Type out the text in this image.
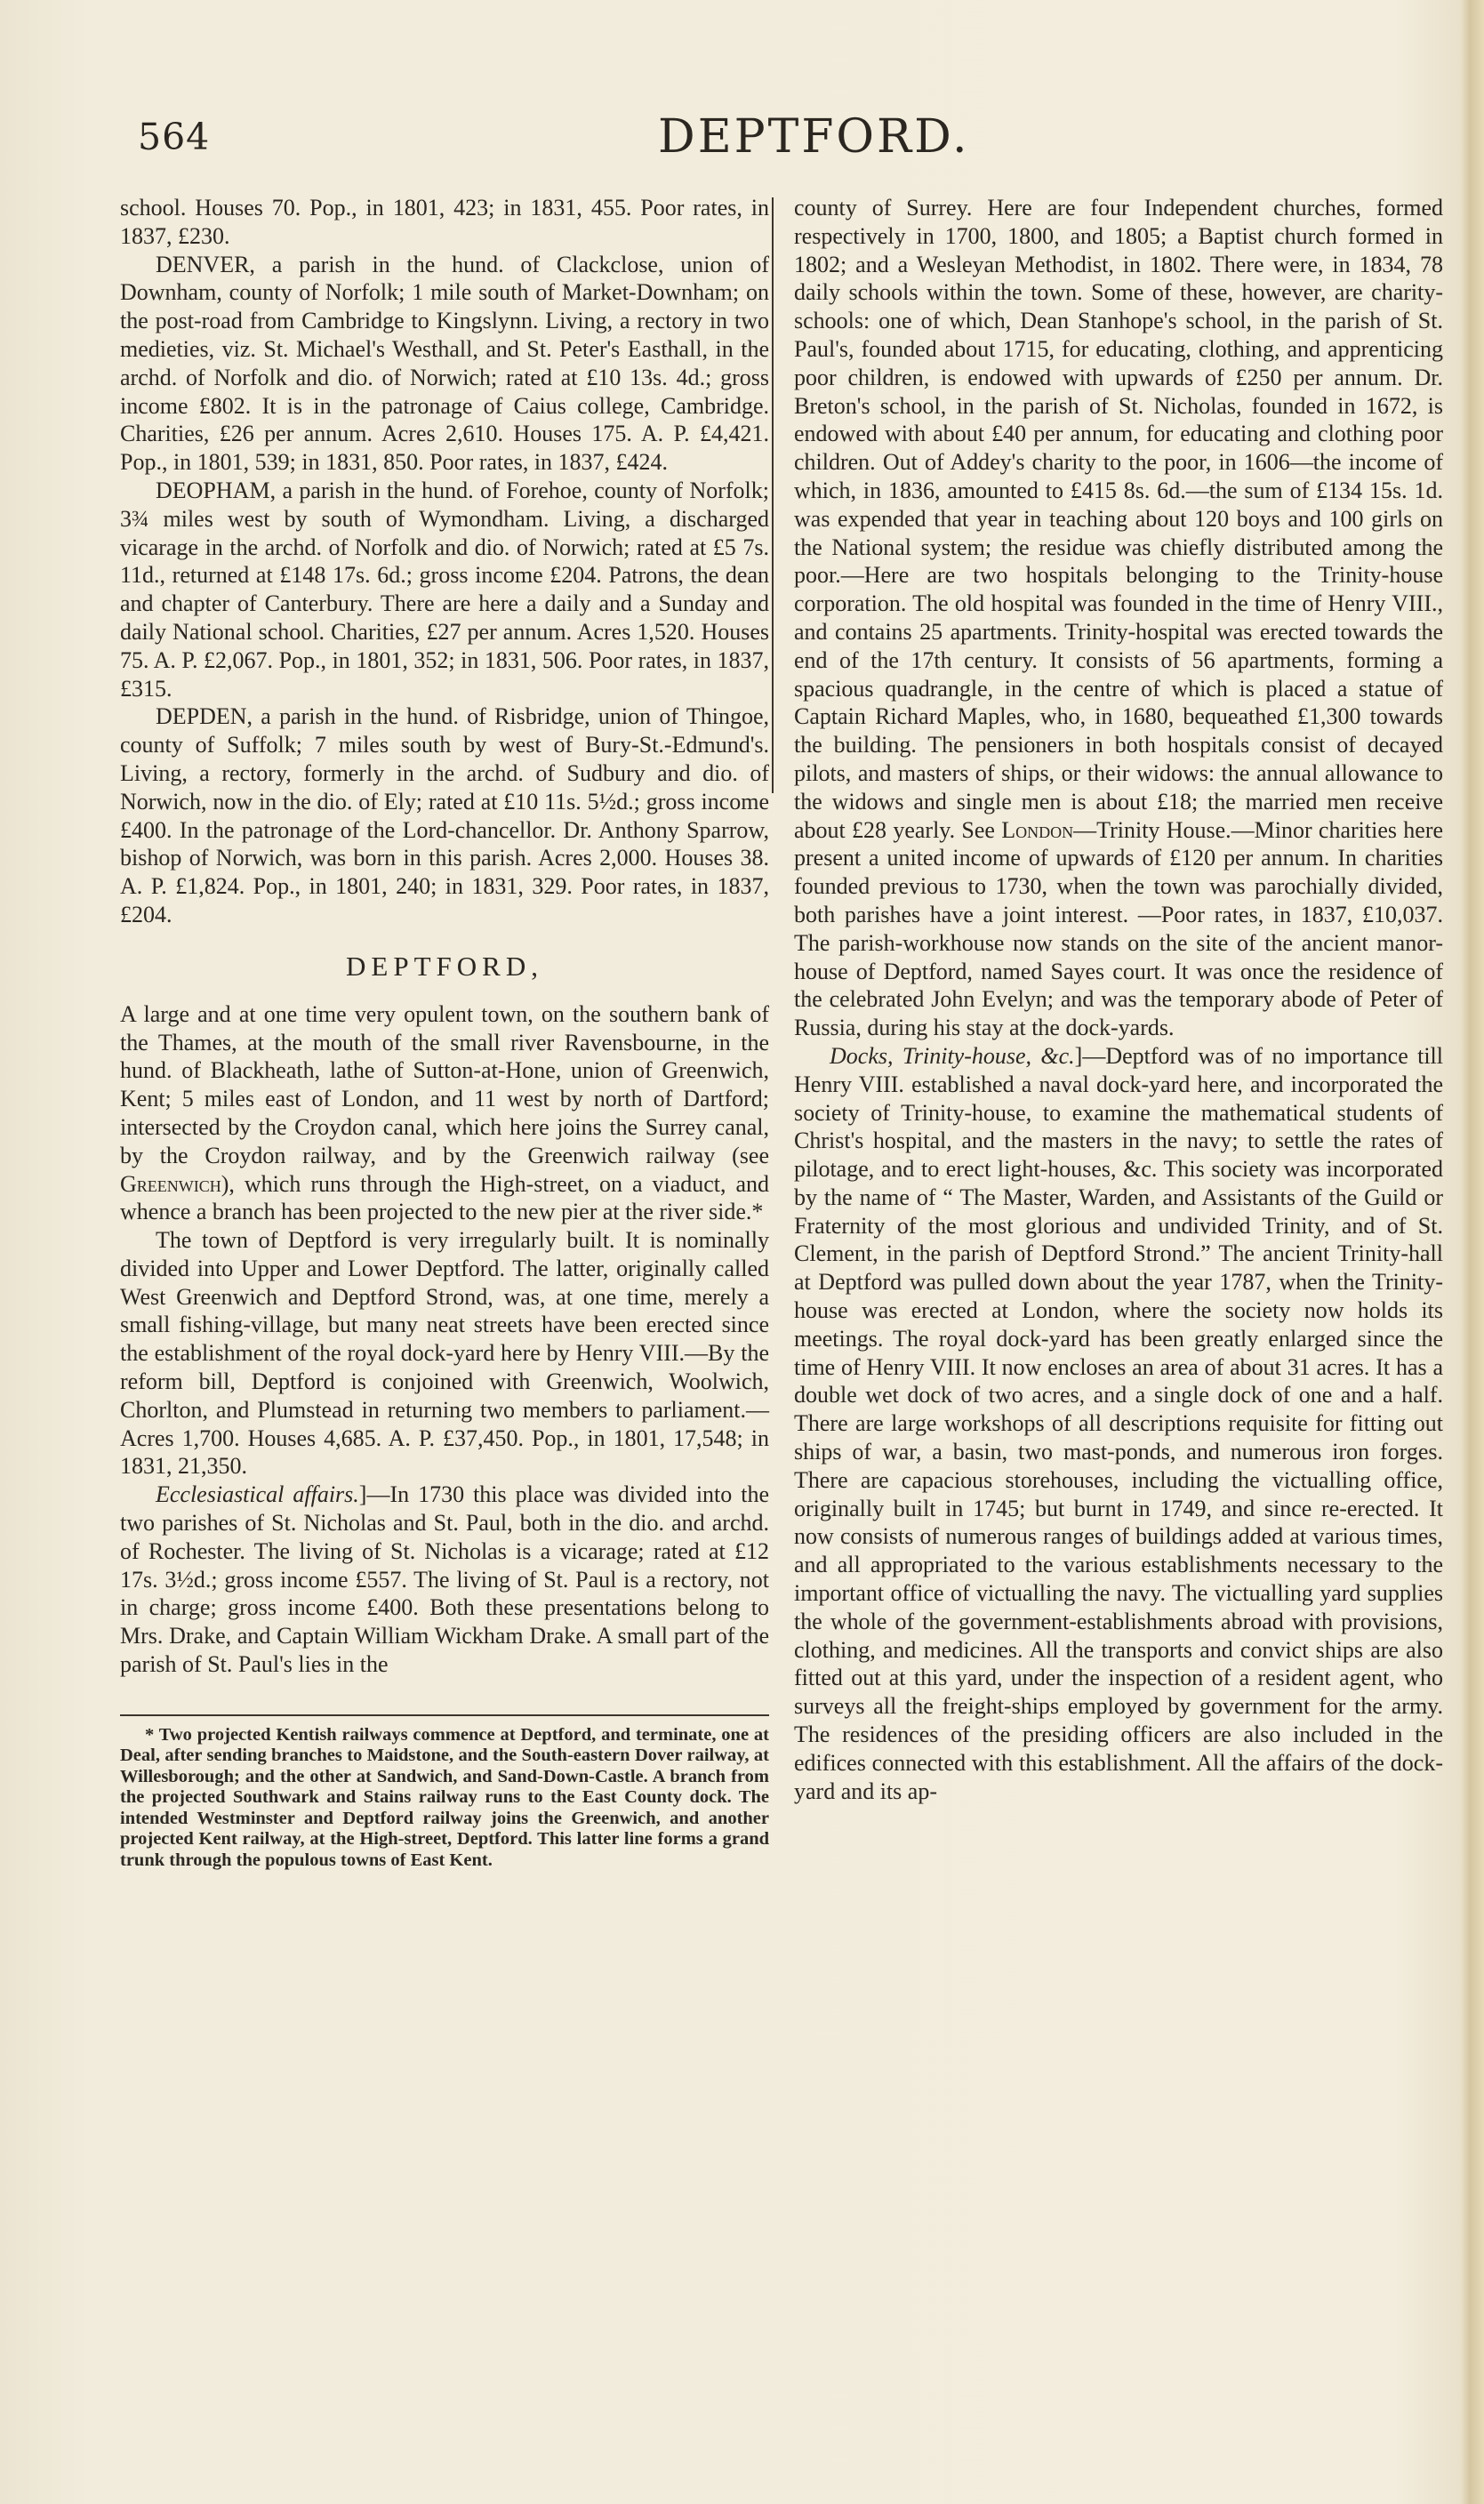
564	DEPTFORD.

school. Houses 70. Pop., in 1801, 423; in 1831, 455. Poor rates, in 1837, £230.

DENVER, a parish in the hund. of Clackclose, union of Downham, county of Norfolk; 1 mile south of Market-Downham; on the post-road from Cambridge to Kingslynn. Living, a rectory in two medieties, viz. St. Michael's Westhall, and St. Peter's Easthall, in the archd. of Norfolk and dio. of Norwich; rated at £10 13s. 4d.; gross income £802. It is in the patronage of Caius college, Cambridge. Charities, £26 per annum. Acres 2,610. Houses 175. A. P. £4,421. Pop., in 1801, 539; in 1831, 850. Poor rates, in 1837, £424.

DEOPHAM, a parish in the hund. of Forehoe, county of Norfolk; 3¾ miles west by south of Wymondham. Living, a discharged vicarage in the archd. of Norfolk and dio. of Norwich; rated at £5 7s. 11d., returned at £148 17s. 6d.; gross income £204. Patrons, the dean and chapter of Canterbury. There are here a daily and a Sunday and daily National school. Charities, £27 per annum. Acres 1,520. Houses 75. A. P. £2,067. Pop., in 1801, 352; in 1831, 506. Poor rates, in 1837, £315.

DEPDEN, a parish in the hund. of Risbridge, union of Thingoe, county of Suffolk; 7 miles south by west of Bury-St.-Edmund's. Living, a rectory, formerly in the archd. of Sudbury and dio. of Norwich, now in the dio. of Ely; rated at £10 11s. 5½d.; gross income £400. In the patronage of the Lord-chancellor. Dr. Anthony Sparrow, bishop of Norwich, was born in this parish. Acres 2,000. Houses 38. A. P. £1,824. Pop., in 1801, 240; in 1831, 329. Poor rates, in 1837, £204.

DEPTFORD,

A large and at one time very opulent town, on the southern bank of the Thames, at the mouth of the small river Ravensbourne, in the hund. of Blackheath, lathe of Sutton-at-Hone, union of Greenwich, Kent; 5 miles east of London, and 11 west by north of Dartford; intersected by the Croydon canal, which here joins the Surrey canal, by the Croydon railway, and by the Greenwich railway (see Greenwich), which runs through the High-street, on a viaduct, and whence a branch has been projected to the new pier at the river side.*

The town of Deptford is very irregularly built. It is nominally divided into Upper and Lower Deptford. The latter, originally called West Greenwich and Deptford Strond, was, at one time, merely a small fishing-village, but many neat streets have been erected since the establishment of the royal dock-yard here by Henry VIII.—By the reform bill, Deptford is conjoined with Greenwich, Woolwich, Chorlton, and Plumstead in returning two members to parliament.—Acres 1,700. Houses 4,685. A. P. £37,450. Pop., in 1801, 17,548; in 1831, 21,350.

Ecclesiastical affairs.]—In 1730 this place was divided into the two parishes of St. Nicholas and St. Paul, both in the dio. and archd. of Rochester. The living of St. Nicholas is a vicarage; rated at £12 17s. 3½d.; gross income £557. The living of St. Paul is a rectory, not in charge; gross income £400. Both these presentations belong to Mrs. Drake, and Captain William Wickham Drake. A small part of the parish of St. Paul's lies in the

* Two projected Kentish railways commence at Deptford, and terminate, one at Deal, after sending branches to Maidstone, and the South-eastern Dover railway, at Willesborough; and the other at Sandwich, and Sand-Down-Castle. A branch from the projected Southwark and Stains railway runs to the East County dock. The intended Westminster and Deptford railway joins the Greenwich, and another projected Kent railway, at the High-street, Deptford. This latter line forms a grand trunk through the populous towns of East Kent.

county of Surrey. Here are four Independent churches, formed respectively in 1700, 1800, and 1805; a Baptist church formed in 1802; and a Wesleyan Methodist, in 1802. There were, in 1834, 78 daily schools within the town. Some of these, however, are charity-schools: one of which, Dean Stanhope's school, in the parish of St. Paul's, founded about 1715, for educating, clothing, and apprenticing poor children, is endowed with upwards of £250 per annum. Dr. Breton's school, in the parish of St. Nicholas, founded in 1672, is endowed with about £40 per annum, for educating and clothing poor children. Out of Addey's charity to the poor, in 1606—the income of which, in 1836, amounted to £415 8s. 6d.—the sum of £134 15s. 1d. was expended that year in teaching about 120 boys and 100 girls on the National system; the residue was chiefly distributed among the poor.—Here are two hospitals belonging to the Trinity-house corporation. The old hospital was founded in the time of Henry VIII., and contains 25 apartments. Trinity-hospital was erected towards the end of the 17th century. It consists of 56 apartments, forming a spacious quadrangle, in the centre of which is placed a statue of Captain Richard Maples, who, in 1680, bequeathed £1,300 towards the building. The pensioners in both hospitals consist of decayed pilots, and masters of ships, or their widows: the annual allowance to the widows and single men is about £18; the married men receive about £28 yearly. See London—Trinity House.—Minor charities here present a united income of upwards of £120 per annum. In charities founded previous to 1730, when the town was parochially divided, both parishes have a joint interest. —Poor rates, in 1837, £10,037. The parish-workhouse now stands on the site of the ancient manor-house of Deptford, named Sayes court. It was once the residence of the celebrated John Evelyn; and was the temporary abode of Peter of Russia, during his stay at the dock-yards.

Docks, Trinity-house, &c.]—Deptford was of no importance till Henry VIII. established a naval dock-yard here, and incorporated the society of Trinity-house, to examine the mathematical students of Christ's hospital, and the masters in the navy; to settle the rates of pilotage, and to erect light-houses, &c. This society was incorporated by the name of “ The Master, Warden, and Assistants of the Guild or Fraternity of the most glorious and undivided Trinity, and of St. Clement, in the parish of Deptford Strond.” The ancient Trinity-hall at Deptford was pulled down about the year 1787, when the Trinity-house was erected at London, where the society now holds its meetings. The royal dock-yard has been greatly enlarged since the time of Henry VIII. It now encloses an area of about 31 acres. It has a double wet dock of two acres, and a single dock of one and a half. There are large workshops of all descriptions requisite for fitting out ships of war, a basin, two mast-ponds, and numerous iron forges. There are capacious storehouses, including the victualling office, originally built in 1745; but burnt in 1749, and since re-erected. It now consists of numerous ranges of buildings added at various times, and all appropriated to the various establishments necessary to the important office of victualling the navy. The victualling yard supplies the whole of the government-establishments abroad with provisions, clothing, and medicines. All the transports and convict ships are also fitted out at this yard, under the inspection of a resident agent, who surveys all the freight-ships employed by government for the army. The residences of the presiding officers are also included in the edifices connected with this establishment. All the affairs of the dock-yard and its ap-
